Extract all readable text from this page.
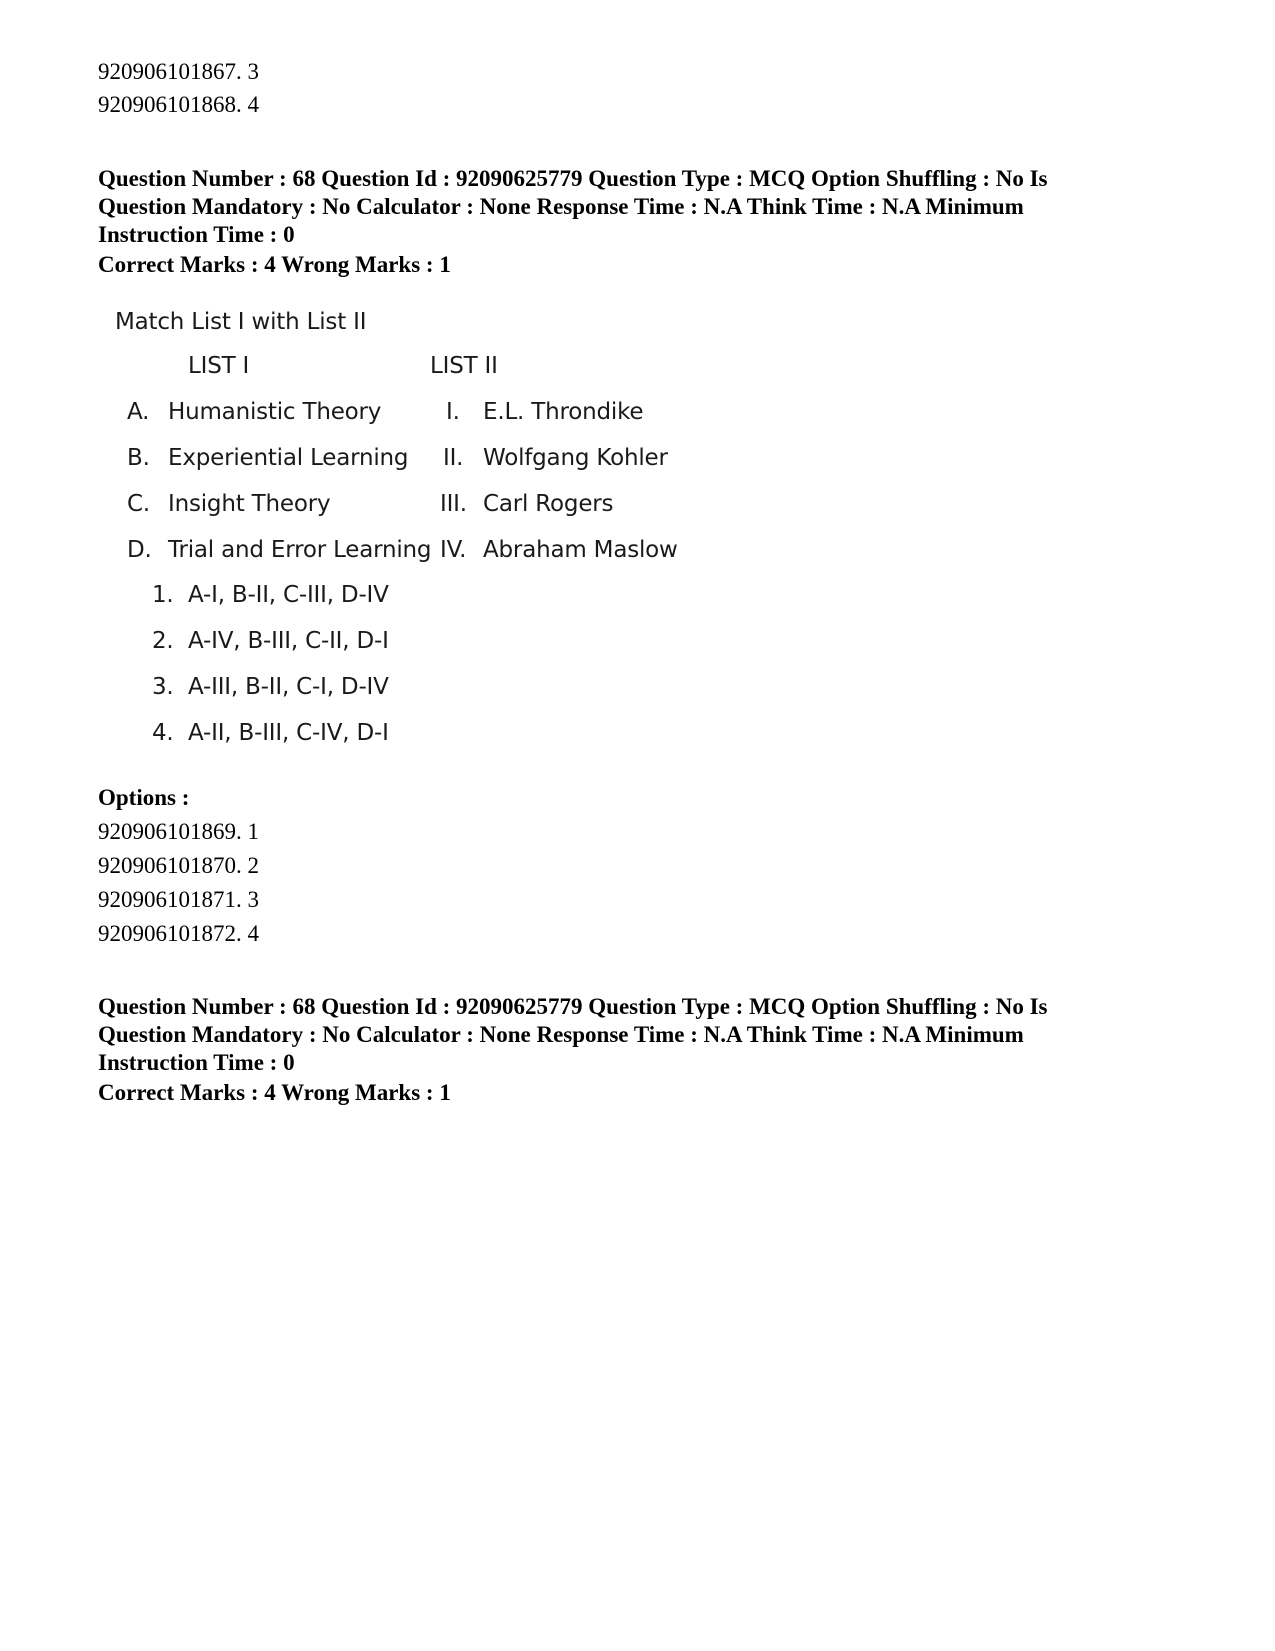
920906101867. 3
920906101868. 4
Question Number : 68 Question Id : 92090625779 Question Type : MCQ Option Shuffling : No Is
Question Mandatory : No Calculator : None Response Time : N.A Think Time : N.A Minimum
Instruction Time : 0
Correct Marks : 4 Wrong Marks : 1
Match List I with List II
LIST I	LIST II
A. Humanistic Theory	I. E.L. Throndike
B. Experiential Learning II. Wolfgang Kohler
C. Insight Theory	III. Carl Rogers
D. Trial and Error Learning IV. Abraham Maslow
1. A-I, B-II, C-III, D-IV
2. A-IV, B-III, C-II, D-I
3. A-III, B-II, C-I, D-IV
4. A-II, B-III, C-IV, D-I
Options :
920906101869. 1
920906101870. 2
920906101871. 3
920906101872. 4
Question Number : 68 Question Id : 92090625779 Question Type : MCQ Option Shuffling : No Is
Question Mandatory : No Calculator : None Response Time : N.A Think Time : N.A Minimum
Instruction Time : 0
Correct Marks : 4 Wrong Marks : 1
